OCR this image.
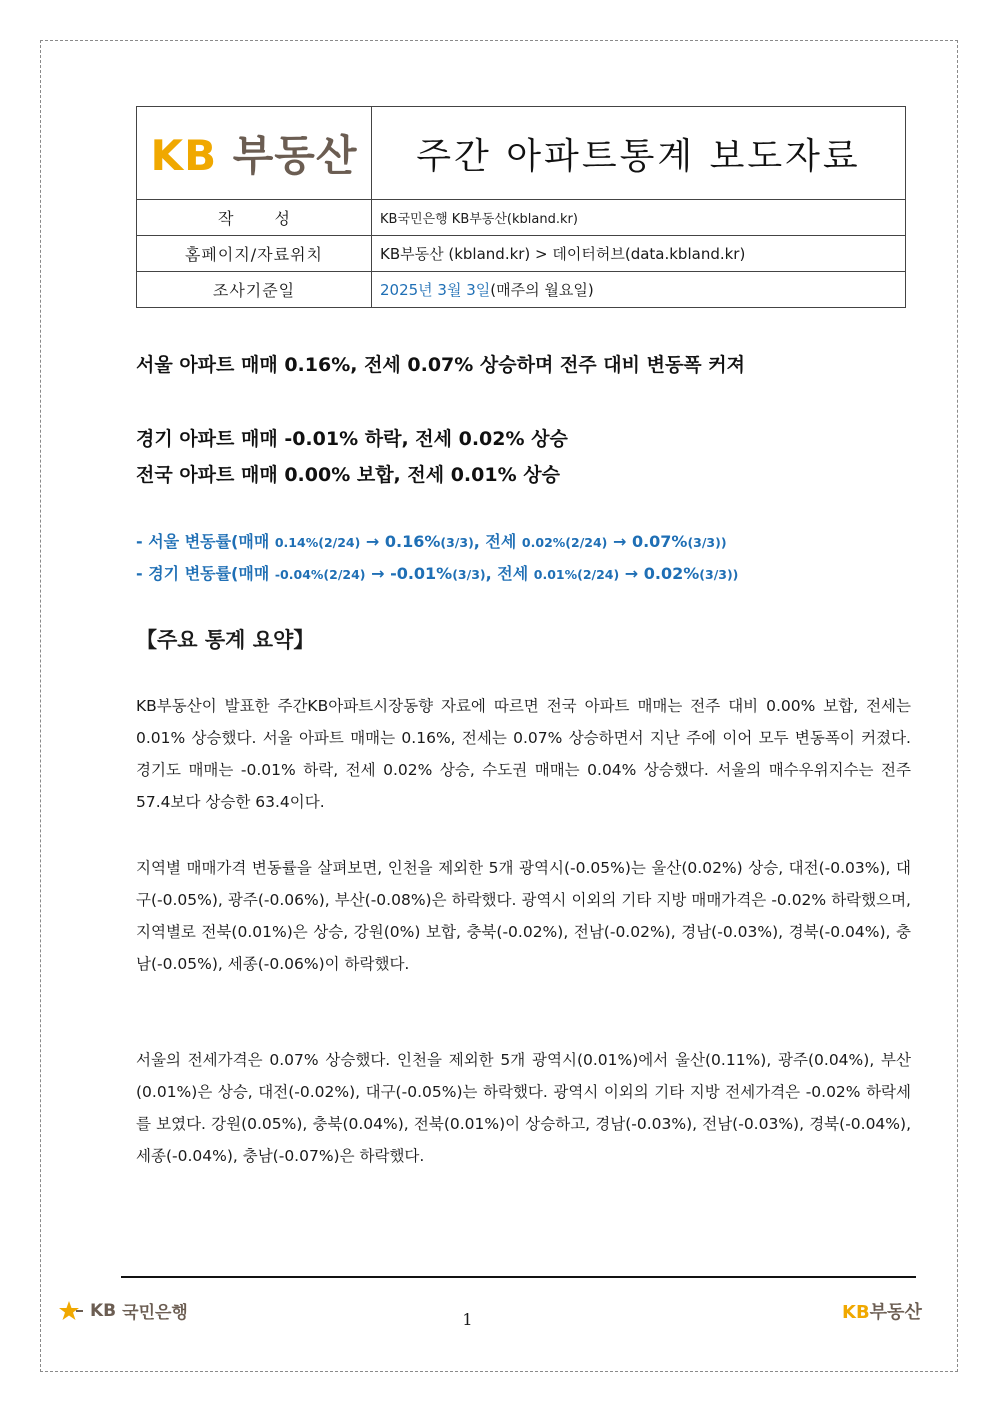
KB 부동산	주간 아파트통계 보도자료
작 성	KB국민은행 KB부동산(kbland.kr)
홈페이지/자료위치	KB부동산 (kbland.kr) > 데이터허브(data.kbland.kr)
조사기준일	2025년 3월 3일(매주의 월요일)

서울 아파트 매매 0.16%, 전세 0.07% 상승하며 전주 대비 변동폭 커져

경기 아파트 매매 -0.01% 하락, 전세 0.02% 상승

전국 아파트 매매 0.00% 보합, 전세 0.01% 상승

- 서울 변동률(매매 0.14%(2/24) → 0.16%(3/3), 전세 0.02%(2/24) → 0.07%(3/3))

- 경기 변동률(매매 -0.04%(2/24) → -0.01%(3/3), 전세 0.01%(2/24) → 0.02%(3/3))

【주요 통계 요약】

KB부동산이 발표한 주간KB아파트시장동향 자료에 따르면 전국 아파트 매매는 전주 대비 0.00% 보합, 전세는 0.01% 상승했다. 서울 아파트 매매는 0.16%, 전세는 0.07% 상승하면서 지난 주에 이어 모두 변동폭이 커졌다. 경기도 매매는 -0.01% 하락, 전세 0.02% 상승, 수도권 매매는 0.04% 상승했다. 서울의 매수우위지수는 전주 57.4보다 상승한 63.4이다.

지역별 매매가격 변동률을 살펴보면, 인천을 제외한 5개 광역시(-0.05%)는 울산(0.02%) 상승, 대전(-0.03%), 대구(-0.05%), 광주(-0.06%), 부산(-0.08%)은 하락했다. 광역시 이외의 기타 지방 매매가격은 -0.02% 하락했으며, 지역별로 전북(0.01%)은 상승, 강원(0%) 보합, 충북(-0.02%), 전남(-0.02%), 경남(-0.03%), 경북(-0.04%), 충남(-0.05%), 세종(-0.06%)이 하락했다.

서울의 전세가격은 0.07% 상승했다. 인천을 제외한 5개 광역시(0.01%)에서 울산(0.11%), 광주(0.04%), 부산(0.01%)은 상승, 대전(-0.02%), 대구(-0.05%)는 하락했다. 광역시 이외의 기타 지방 전세가격은 -0.02% 하락세를 보였다. 강원(0.05%), 충북(0.04%), 전북(0.01%)이 상승하고, 경남(-0.03%), 전남(-0.03%), 경북(-0.04%), 세종(-0.04%), 충남(-0.07%)은 하락했다.

KB 국민은행	1	KB부동산
